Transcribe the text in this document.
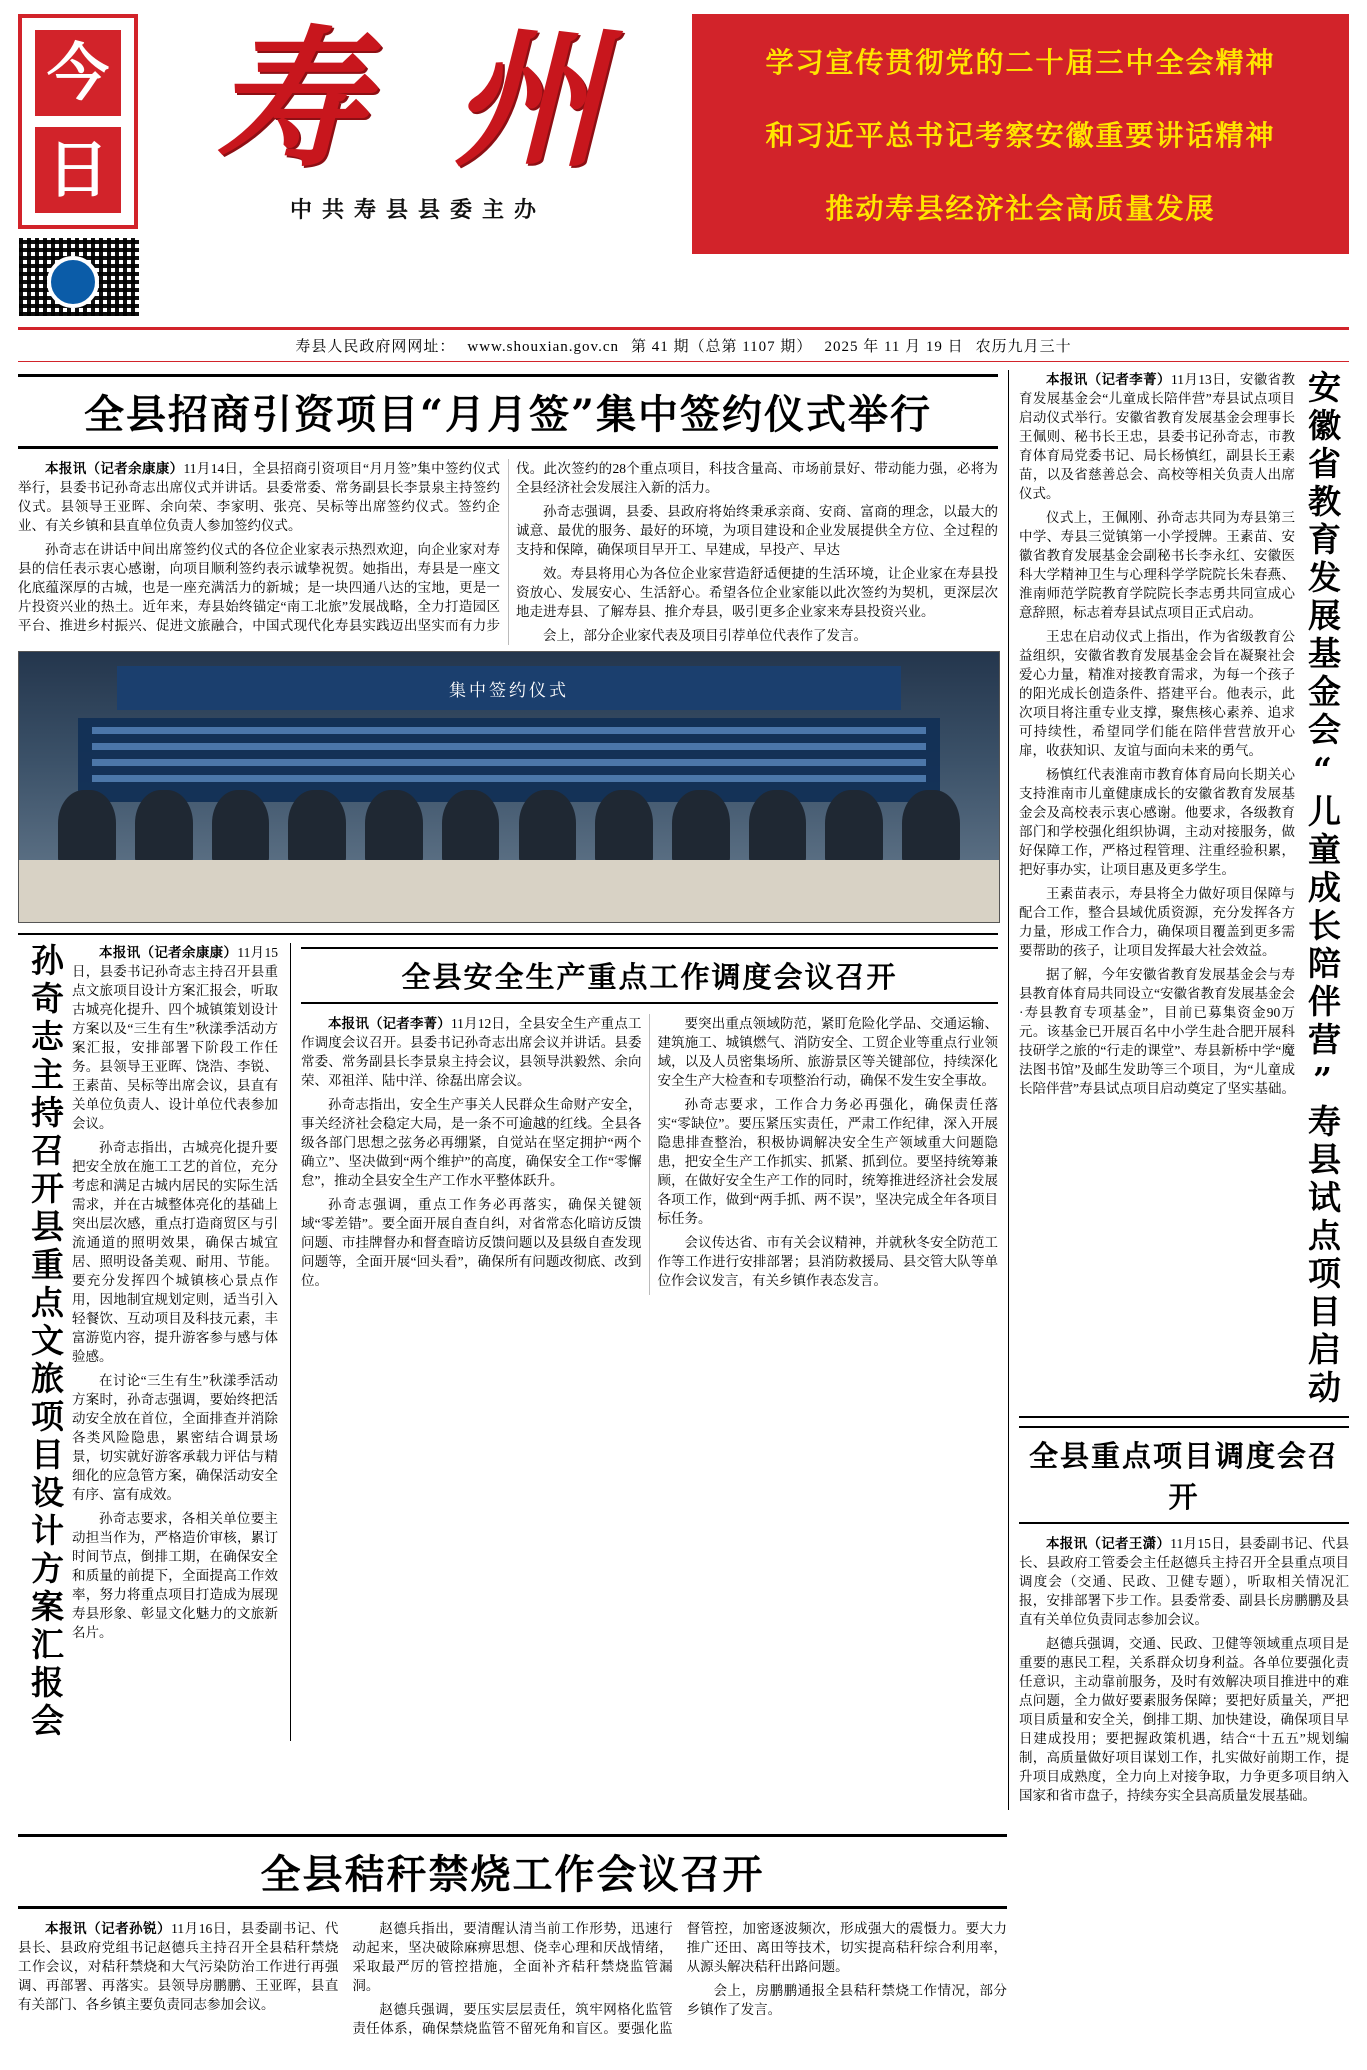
今
日 寿 州
中共寿县县委主办
学习宣传贯彻党的二十届三中全会精神
和习近平总书记考察安徽重要讲话精神
推动寿县经济社会高质量发展
寿县人民政府网网址： www.shouxian.gov.cn 第 41 期（总第 1107 期） 2025 年 11 月 19 日 农历九月三十
全县招商引资项目“月月签”集中签约仪式举行

本报讯（记者余康康）11月14日，全县招商引资项目“月月签”集中签约仪式举行，县委书记孙奇志出席仪式并讲话。县委常委、常务副县长李景泉主持签约仪式。县领导王亚晖、余向荣、李家明、张亮、吴标等出席签约仪式。签约企业、有关乡镇和县直单位负责人参加签约仪式。

孙奇志在讲话中间出席签约仪式的各位企业家表示热烈欢迎，向企业家对寿县的信任表示衷心感谢，向项目顺利签约表示诚挚祝贺。她指出，寿县是一座文化底蕴深厚的古城，也是一座充满活力的新城；是一块四通八达的宝地，更是一片投资兴业的热土。近年来，寿县始终锚定“南工北旅”发展战略，全力打造园区平台、推进乡村振兴、促进文旅融合，中国式现代化寿县实践迈出坚实而有力步伐。此次签约的28个重点项目，科技含量高、市场前景好、带动能力强，必将为全县经济社会发展注入新的活力。

孙奇志强调，县委、县政府将始终秉承亲商、安商、富商的理念，以最大的诚意、最优的服务、最好的环境，为项目建设和企业发展提供全方位、全过程的支持和保障，确保项目早开工、早建成，早投产、早达

效。寿县将用心为各位企业家营造舒适便捷的生活环境，让企业家在寿县投资放心、发展安心、生活舒心。希望各位企业家能以此次签约为契机，更深层次地走进寿县、了解寿县、推介寿县，吸引更多企业家来寿县投资兴业。

会上，部分企业家代表及项目引荐单位代表作了发言。

集中签约仪式
孙奇志主持召开县重点文旅项目设计方案汇报会	本报讯（记者余康康）11月15日，县委书记孙奇志主持召开县重点文旅项目设计方案汇报会，听取古城亮化提升、四个城镇策划设计方案以及“三生有生”秋漾季活动方案汇报，安排部署下阶段工作任务。县领导王亚晖、饶浩、李锐、王素苗、吴标等出席会议，县直有关单位负责人、设计单位代表参加会议。

孙奇志指出，古城亮化提升要把安全放在施工工艺的首位，充分考虑和满足古城内居民的实际生活需求，并在古城整体亮化的基础上突出层次感，重点打造商贸区与引流通道的照明效果，确保古城宜居、照明设备美观、耐用、节能。要充分发挥四个城镇核心景点作用，因地制宜规划定则，适当引入轻餐饮、互动项目及科技元素，丰富游览内容，提升游客参与感与体验感。

在讨论“三生有生”秋漾季活动方案时，孙奇志强调，要始终把活动安全放在首位，全面排查并消除各类风险隐患，累密结合调景场景，切实就好游客承载力评估与精细化的应急管方案，确保活动安全有序、富有成效。

孙奇志要求，各相关单位要主动担当作为，严格造价审核，累订时间节点，倒排工期，在确保安全和质量的前提下，全面提高工作效率，努力将重点项目打造成为展现寿县形象、彰显文化魅力的文旅新名片。

全县安全生产重点工作调度会议召开

本报讯（记者李菁）11月12日，全县安全生产重点工作调度会议召开。县委书记孙奇志出席会议并讲话。县委常委、常务副县长李景泉主持会议，县领导洪毅然、余向荣、邓祖洋、陆中洋、徐磊出席会议。

孙奇志指出，安全生产事关人民群众生命财产安全，事关经济社会稳定大局，是一条不可逾越的红线。全县各级各部门思想之弦务必再绷紧，自觉站在坚定拥护“两个确立”、坚决做到“两个维护”的高度，确保安全工作“零懈怠”，推动全县安全生产工作水平整体跃升。

孙奇志强调，重点工作务必再落实，确保关键领域“零差错”。要全面开展自查自纠，对省常态化暗访反馈问题、市挂牌督办和督查暗访反馈问题以及县级自查发现问题等，全面开展“回头看”，确保所有问题改彻底、改到位。

要突出重点领域防范，紧盯危险化学品、交通运输、建筑施工、城镇燃气、消防安全、工贸企业等重点行业领域，以及人员密集场所、旅游景区等关键部位，持续深化安全生产大检查和专项整治行动，确保不发生安全事故。

孙奇志要求，工作合力务必再强化，确保责任落实“零缺位”。要压紧压实责任，严肃工作纪律，深入开展隐患排查整治，积极协调解决安全生产领域重大问题隐患，把安全生产工作抓实、抓紧、抓到位。要坚持统筹兼顾，在做好安全生产工作的同时，统筹推进经济社会发展各项工作，做到“两手抓、两不误”，坚决完成全年各项目标任务。

会议传达省、市有关会议精神，并就秋冬安全防范工作等工作进行安排部署；县消防救援局、县交管大队等单位作会议发言，有关乡镇作表态发言。

本报讯（记者李菁）11月13日，安徽省教育发展基金会“儿童成长陪伴营”寿县试点项目启动仪式举行。安徽省教育发展基金会理事长王佩则、秘书长王忠，县委书记孙奇志，市教育体育局党委书记、局长杨慎红，副县长王素苗，以及省慈善总会、高校等相关负责人出席仪式。

仪式上，王佩刚、孙奇志共同为寿县第三中学、寿县三觉镇第一小学授牌。王素苗、安徽省教育发展基金会副秘书长李永红、安徽医科大学精神卫生与心理科学学院院长朱春燕、淮南师范学院教育学院院长李志勇共同宣成心意辞照，标志着寿县试点项目正式启动。

王忠在启动仪式上指出，作为省级教育公益组织，安徽省教育发展基金会旨在凝聚社会爱心力量，精准对接教育需求，为每一个孩子的阳光成长创造条件、搭建平台。他表示，此次项目将注重专业支撑，聚焦核心素养、追求可持续性，希望同学们能在陪伴营营放开心扉，收获知识、友谊与面向未来的勇气。

杨慎红代表淮南市教育体育局向长期关心支持淮南市儿童健康成长的安徽省教育发展基金会及高校表示衷心感谢。他要求，各级教育部门和学校强化组织协调，主动对接服务，做好保障工作，严格过程管理、注重经验积累，把好事办实，让项目惠及更多学生。

王素苗表示，寿县将全力做好项目保障与配合工作，整合县域优质资源，充分发挥各方力量，形成工作合力，确保项目覆盖到更多需要帮助的孩子，让项目发挥最大社会效益。

据了解，今年安徽省教育发展基金会与寿县教育体育局共同设立“安徽省教育发展基金会·寿县教育专项基金”，目前已募集资金90万元。该基金已开展百名中小学生赴合肥开展科技研学之旅的“行走的课堂”、寿县新桥中学“魔法图书馆”及邮生发助等三个项目，为“儿童成长陪伴营”寿县试点项目启动奠定了坚实基础。 安徽省教育发展基金会“儿童成长陪伴营”寿县试点项目启动
全县重点项目调度会召开

本报讯（记者王潇）11月15日，县委副书记、代县长、县政府工管委会主任赵德兵主持召开全县重点项目调度会（交通、民政、卫健专题），听取相关情况汇报，安排部署下步工作。县委常委、副县长房鹏鹏及县直有关单位负责同志参加会议。

赵德兵强调，交通、民政、卫健等领域重点项目是重要的惠民工程，关系群众切身利益。各单位要强化责任意识，主动靠前服务，及时有效解决项目推进中的难点问题，全力做好要素服务保障；要把好质量关，严把项目质量和安全关，倒排工期、加快建设，确保项目早日建成投用；要把握政策机遇，结合“十五五”规划编制，高质量做好项目谋划工作，扎实做好前期工作，提升项目成熟度，全力向上对接争取，力争更多项目纳入国家和省市盘子，持续夯实全县高质量发展基础。

全县秸秆禁烧工作会议召开

本报讯（记者孙锐）11月16日，县委副书记、代县长、县政府党组书记赵德兵主持召开全县秸秆禁烧工作会议，对秸秆禁烧和大气污染防治工作进行再强调、再部署、再落实。县领导房鹏鹏、王亚晖，县直有关部门、各乡镇主要负责同志参加会议。

赵德兵指出，要清醒认清当前工作形势，迅速行动起来，坚决破除麻痹思想、侥幸心理和厌战情绪，采取最严厉的管控措施，全面补齐秸秆禁烧监管漏洞。

赵德兵强调，要压实层层责任，筑牢网格化监管责任体系，确保禁烧监管不留死角和盲区。要强化监督管控，加密逐波频次，形成强大的震慑力。要大力推广还田、离田等技术，切实提高秸秆综合利用率，从源头解决秸秆出路问题。

会上，房鹏鹏通报全县秸秆禁烧工作情况，部分乡镇作了发言。
